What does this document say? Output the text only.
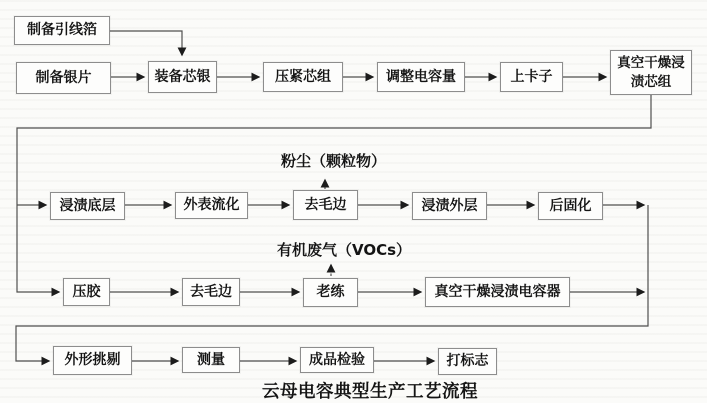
制备引线箔
制备银片	装备芯银	压紧芯组	调整电容量	上卡子
真空干燥浸渍芯组
浸渍底层	外表流化	去毛边	浸渍外层	后固化
压胶	去毛边	老练	真空干燥浸渍电容器
外形挑剔	测量	成品检验	打标志
粉尘（颗粒物）
有机废气（VOCs）
云母电容典型生产工艺流程
